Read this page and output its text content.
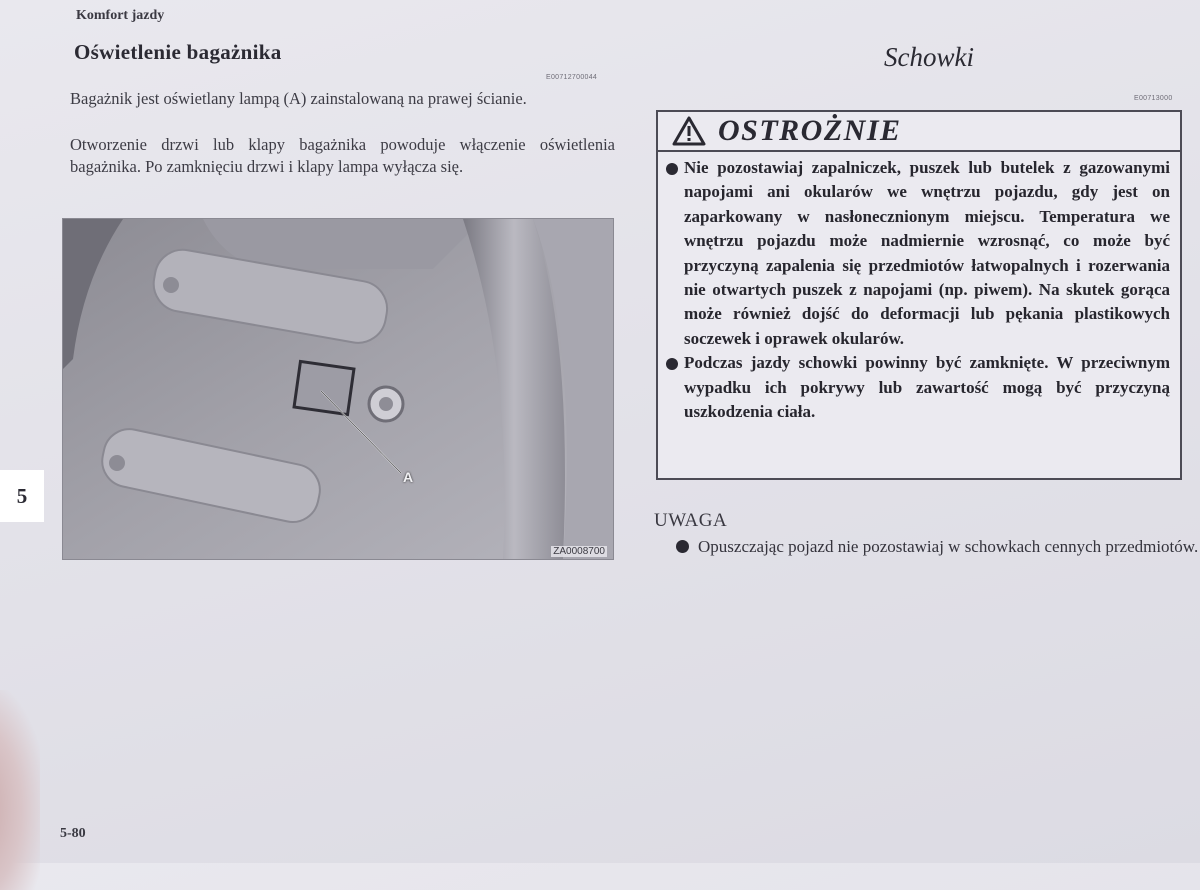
Komfort jazdy
Oświetlenie bagażnika
E00712700044

Bagażnik jest oświetlany lampą (A) zainstalowaną na prawej ścianie.

Otworzenie drzwi lub klapy bagażnika powoduje włączenie oświetlenia bagażnika. Po zamknięciu drzwi i klapy lampa wyłącza się.

A
ZA0008700
5
5-80
Schowki
E00713000
OSTROŻNIE
Nie pozostawiaj zapalniczek, puszek lub butelek z gazowanymi napojami ani okularów we wnętrzu pojazdu, gdy jest on zaparkowany w nasłonecznionym miejscu. Temperatura we wnętrzu pojazdu może nadmiernie wzrosnąć, co może być przyczyną zapalenia się przedmiotów łatwopalnych i rozerwania nie otwartych puszek z napojami (np. piwem). Na skutek gorąca może również dojść do deformacji lub pękania plastikowych soczewek i oprawek okularów.
Podczas jazdy schowki powinny być zamknięte. W przeciwnym wypadku ich pokrywy lub zawartość mogą być przyczyną uszkodzenia ciała.
UWAGA
Opuszczając pojazd nie pozostawiaj w schowkach cennych przedmiotów.
